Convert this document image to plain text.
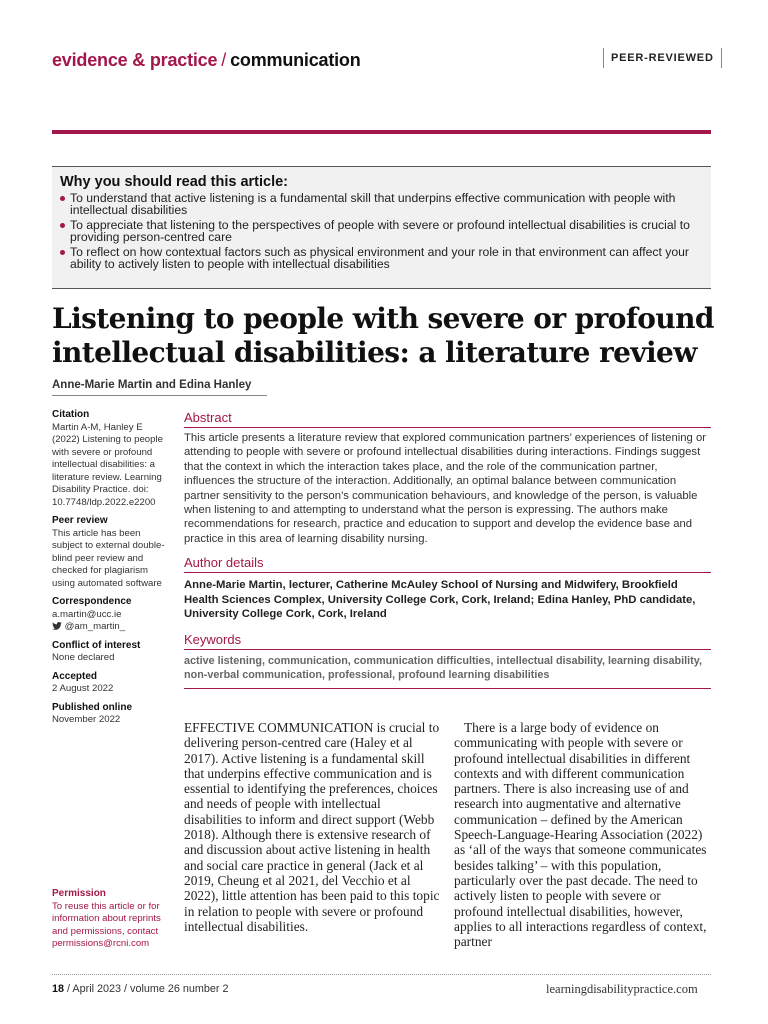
evidence & practice / communication	PEER-REVIEWED
Why you should read this article:
To understand that active listening is a fundamental skill that underpins effective communication with people with intellectual disabilities
To appreciate that listening to the perspectives of people with severe or profound intellectual disabilities is crucial to providing person-centred care
To reflect on how contextual factors such as physical environment and your role in that environment can affect your ability to actively listen to people with intellectual disabilities
Listening to people with severe or profound intellectual disabilities: a literature review
Anne-Marie Martin and Edina Hanley
Citation
Martin A-M, Hanley E (2022) Listening to people with severe or profound intellectual disabilities: a literature review. Learning Disability Practice. doi: 10.7748/ldp.2022.e2200
Peer review
This article has been subject to external double-blind peer review and checked for plagiarism using automated software
Correspondence
a.martin@ucc.ie
@am_martin_
Conflict of interest
None declared
Accepted
2 August 2022
Published online
November 2022
Permission
To reuse this article or for information about reprints and permissions, contact permissions@rcni.com
Abstract
This article presents a literature review that explored communication partners’ experiences of listening or attending to people with severe or profound intellectual disabilities during interactions. Findings suggest that the context in which the interaction takes place, and the role of the communication partner, influences the structure of the interaction. Additionally, an optimal balance between communication partner sensitivity to the person’s communication behaviours, and knowledge of the person, is valuable when listening to and attempting to understand what the person is expressing. The authors make recommendations for research, practice and education to support and develop the evidence base and practice in this area of learning disability nursing.
Author details
Anne-Marie Martin, lecturer, Catherine McAuley School of Nursing and Midwifery, Brookfield Health Sciences Complex, University College Cork, Cork, Ireland; Edina Hanley, PhD candidate, University College Cork, Cork, Ireland
Keywords
active listening, communication, communication difficulties, intellectual disability, learning disability, non-verbal communication, professional, profound learning disabilities
EFFECTIVE COMMUNICATION is crucial to delivering person-centred care (Haley et al 2017). Active listening is a fundamental skill that underpins effective communication and is essential to identifying the preferences, choices and needs of people with intellectual disabilities to inform and direct support (Webb 2018). Although there is extensive research of and discussion about active listening in health and social care practice in general (Jack et al 2019, Cheung et al 2021, del Vecchio et al 2022), little attention has been paid to this topic in relation to people with severe or profound intellectual disabilities.
There is a large body of evidence on communicating with people with severe or profound intellectual disabilities in different contexts and with different communication partners. There is also increasing use of and research into augmentative and alternative communication – defined by the American Speech-Language-Hearing Association (2022) as ‘all of the ways that someone communicates besides talking’ – with this population, particularly over the past decade. The need to actively listen to people with severe or profound intellectual disabilities, however, applies to all interactions regardless of context, partner
18 / April 2023 / volume 26 number 2	learningdisabilitypractice.com
